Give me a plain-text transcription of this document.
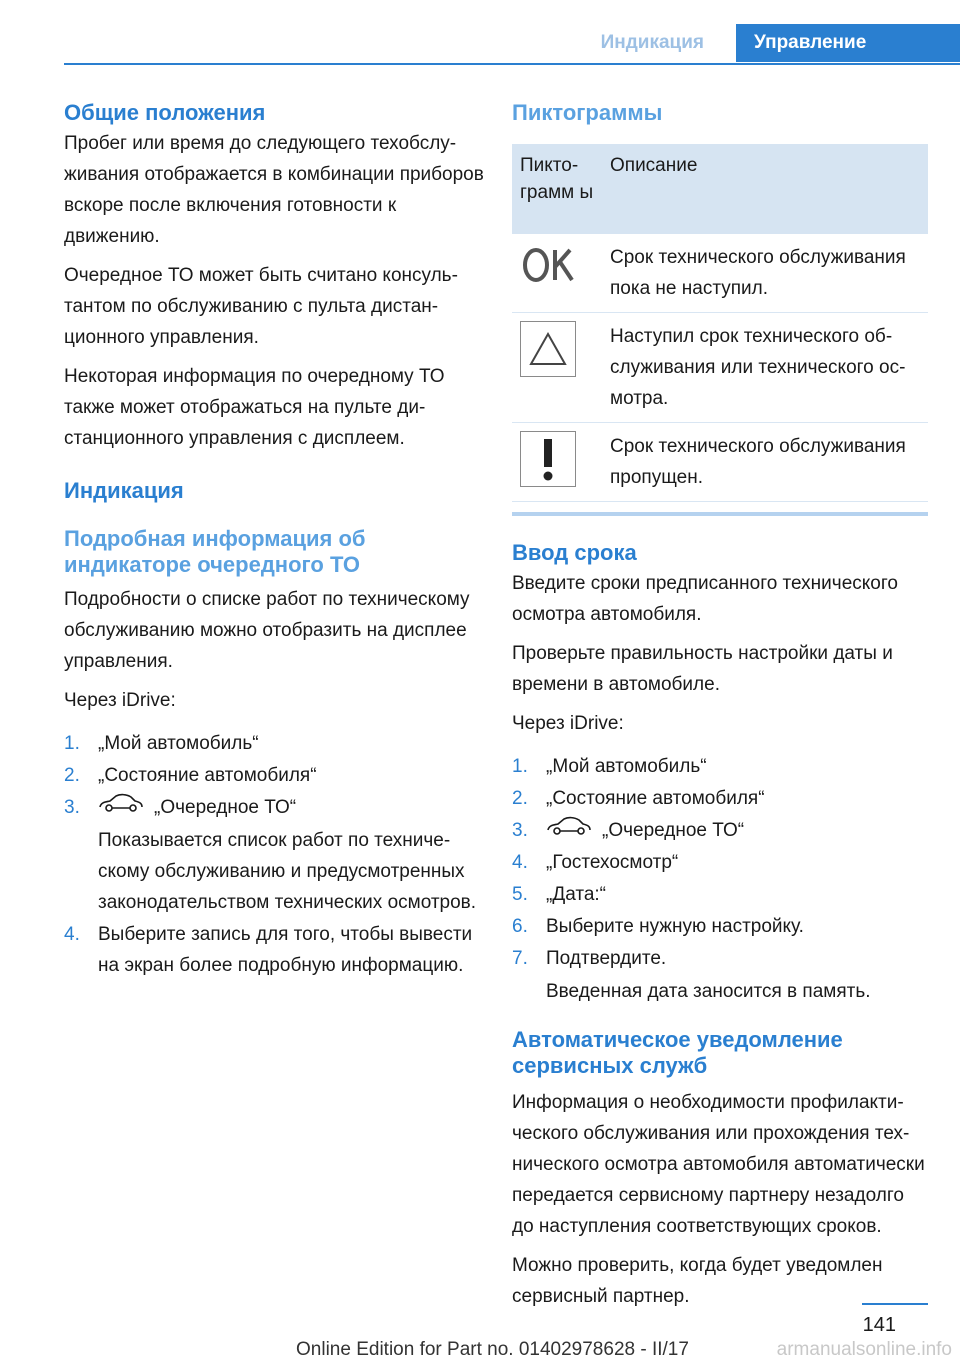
Индикация	Управление
Общие положения

Пробег или время до следующего техобслуживания отображается в комбинации приборов вскоре после включения готовности к движению.

Очередное ТО может быть считано консультантом по обслуживанию с пульта дистанционного управления.

Некоторая информация по очередному ТО также может отображаться на пульте дистанционного управления с дисплеем.

Индикация
Подробная информация об индикаторе очередного ТО

Подробности о списке работ по техническому обслуживанию можно отобразить на дисплее управления.

Через iDrive:

1. „Мой автомобиль“
2. „Состояние автомобиля“
3.	„Очередное ТО“
Показывается список работ по техническому обслуживанию и предусмотренных законодательством технических осмотров.
4. Выберите запись для того, чтобы вывести на экран более подробную информацию.
Пиктограммы
Пиктограмм ы	Описание

	Срок технического обслуживания пока не наступил.

	Наступил срок технического обслуживания или технического осмотра.

	Срок технического обслуживания пропущен.
Ввод срока

Введите сроки предписанного технического осмотра автомобиля.

Проверьте правильность настройки даты и времени в автомобиле.

Через iDrive:

1. „Мой автомобиль“
2. „Состояние автомобиля“
3.	„Очередное ТО“
4. „Гостехосмотр“
5. „Дата:“
6. Выберите нужную настройку.
7. Подтвердите.
Введенная дата заносится в память.
Автоматическое уведомление сервисных служб

Информация о необходимости профилактического обслуживания или прохождения технического осмотра автомобиля автоматически передается сервисному партнеру незадолго до наступления соответствующих сроков.

Можно проверить, когда будет уведомлен сервисный партнер.

141
Online Edition for Part no. 01402978628 - II/17	armanualsonline.info
